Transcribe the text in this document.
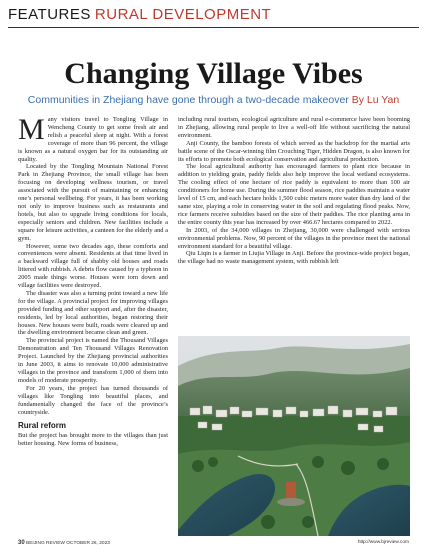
FEATURES RURAL DEVELOPMENT
Changing Village Vibes
Communities in Zhejiang have gone through a two-decade makeover By Lu Yan

Many visitors travel to Tongling Village in Wencheng County to get some fresh air and relish a peaceful sleep at night. With a forest coverage of more than 96 percent, the village is known as a natural oxygen bar for its outstanding air quality.

Located by the Tongling Mountain National Forest Park in Zhejiang Province, the small village has been focusing on developing wellness tourism, or travel associated with the pursuit of maintaining or enhancing one’s personal wellbeing. For years, it has been working not only to improve business such as restaurants and hotels, but also to upgrade living conditions for locals, especially seniors and children. New facilities include a square for leisure activities, a canteen for the elderly and a gym.

However, some two decades ago, these comforts and conveniences were absent. Residents at that time lived in a backward village full of shabby old houses and roads littered with rubbish. A debris flow caused by a typhoon in 2005 made things worse. Houses were torn down and village facilities were destroyed.

The disaster was also a turning point toward a new life for the village. A provincial project for improving villages provided funding and other support and, after the disaster, residents, led by local authorities, began restoring their houses. New houses were built, roads were cleared up and the dwelling environment became clean and green.

The provincial project is named the Thousand Villages Demonstration and Ten Thousand Villages Renovation Project. Launched by the Zhejiang provincial authorities in June 2003, it aims to renovate 10,000 administrative villages in the province and transform 1,000 of them into models of moderate prosperity.

For 20 years, the project has turned thousands of villages like Tongling into beautiful places, and fundamentally changed the face of the province’s countryside.

Rural reform

But the project has brought more to the villages than just better housing. New forms of business,

including rural tourism, ecological agriculture and rural e-commerce have been booming in Zhejiang, allowing rural people to live a well-off life without sacrificing the natural environment.

Anji County, the bamboo forests of which served as the backdrop for the martial arts battle scene of the Oscar-winning film Crouching Tiger, Hidden Dragon, is also known for its efforts to promote both ecological conservation and agricultural production.

The local agricultural authority has encouraged farmers to plant rice because in addition to yielding grain, paddy fields also help improve the local wetland ecosystems. The cooling effect of one hectare of rice paddy is equivalent to more than 100 air conditioners for home use. During the summer flood season, rice paddies maintain a water level of 15 cm, and each hectare holds 1,500 cubic meters more water than dry land of the same size, playing a role in conserving water in the soil and regulating flood peaks. Now, rice farmers receive subsidies based on the size of their paddies. The rice planting area in the entire county this year has increased by over 466.67 hectares compared to 2022.

In 2003, of the 34,000 villages in Zhejiang, 30,000 were challenged with serious environmental problems. Now, 90 percent of the villages in the province meet the national environment standard for a beautiful village.

Qiu Liqin is a farmer in Liujia Village in Anji. Before the province-wide project began, the village had no waste management system, with rubbish left

30 BEIJING REVIEW OCTOBER 26, 2023	http://www.bjreview.com
